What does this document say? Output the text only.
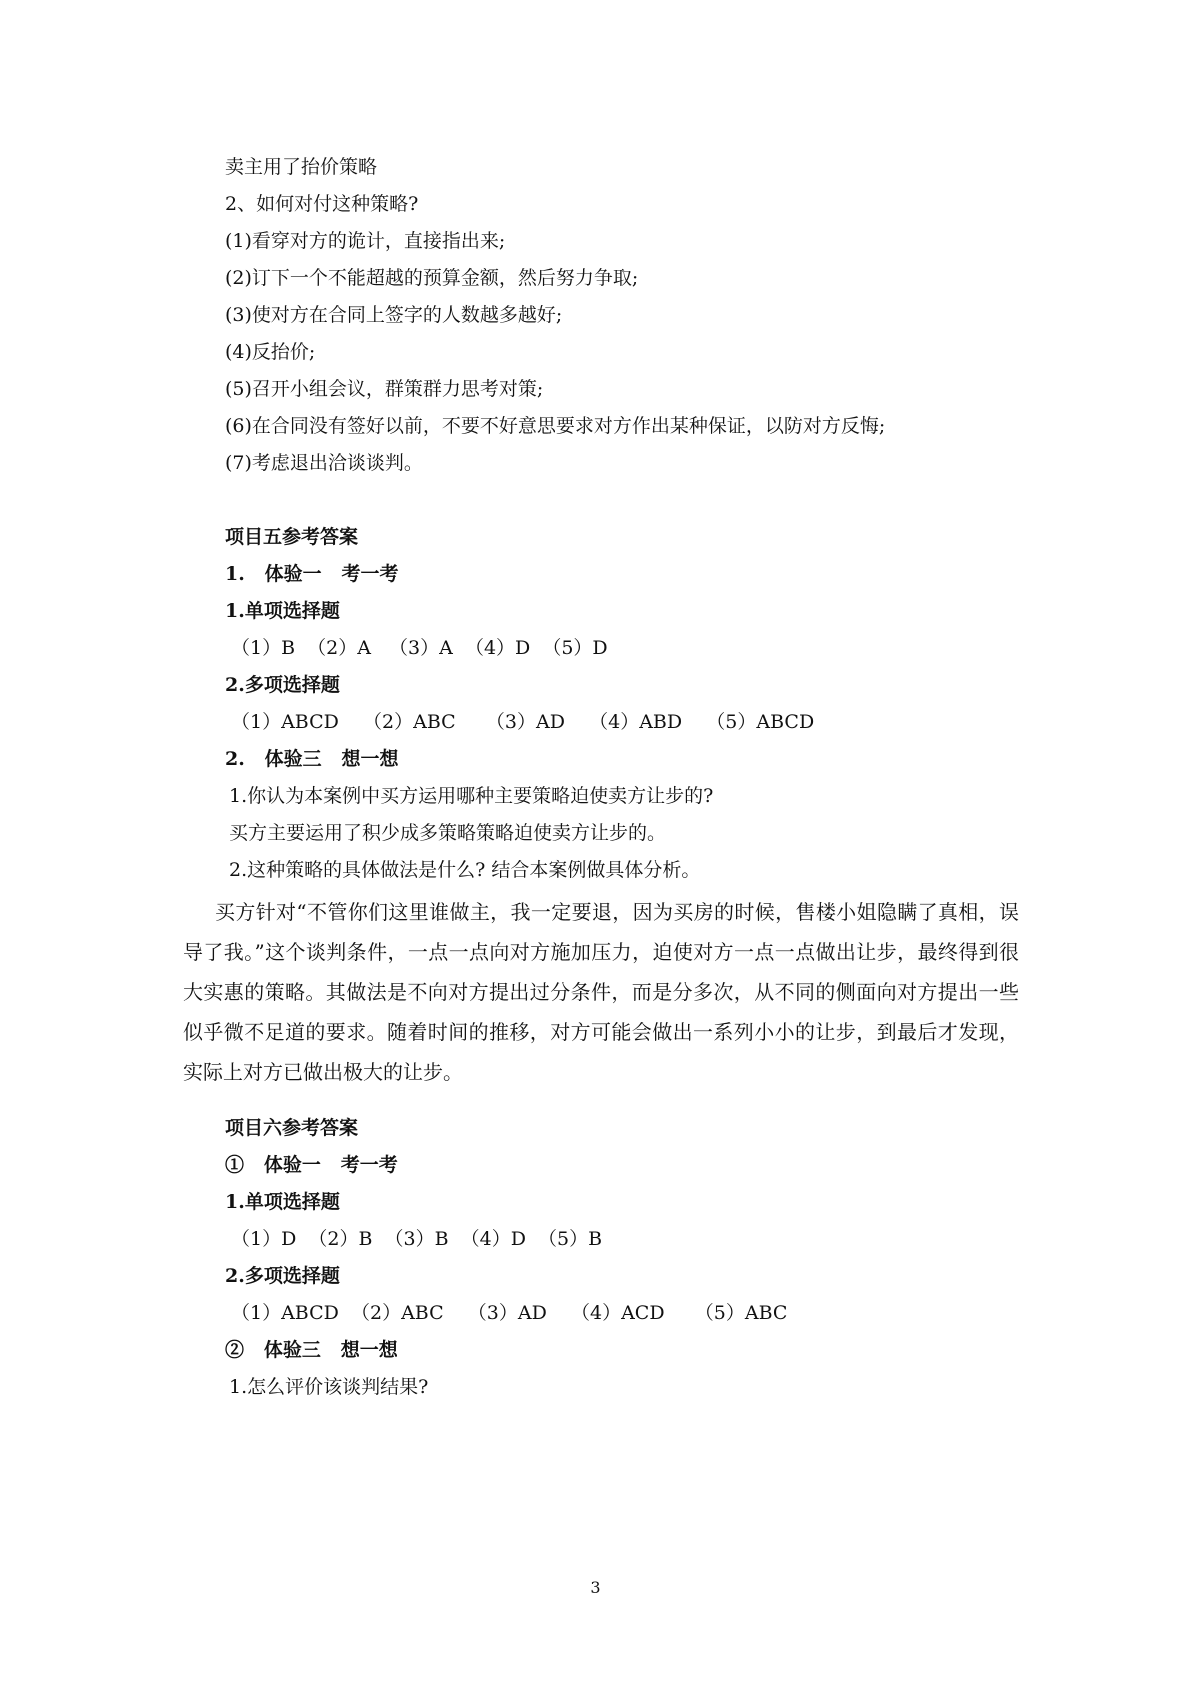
卖主用了抬价策略
2、如何对付这种策略?
(1)看穿对方的诡计，直接指出来;
(2)订下一个不能超越的预算金额，然后努力争取;
(3)使对方在合同上签字的人数越多越好;
(4)反抬价;
(5)召开小组会议，群策群力思考对策;
(6)在合同没有签好以前，不要不好意思要求对方作出某种保证，以防对方反悔;
(7)考虑退出洽谈谈判。
项目五参考答案
1.   体验一   考一考
1.单项选择题
（1）B  （2）A   （3）A  （4）D  （5）D
2.多项选择题
（1）ABCD    （2）ABC     （3）AD    （4）ABD    （5）ABCD
2.   体验三   想一想
1.你认为本案例中买方运用哪种主要策略迫使卖方让步的?
买方主要运用了积少成多策略策略迫使卖方让步的。
2.这种策略的具体做法是什么? 结合本案例做具体分析。
买方针对“不管你们这里谁做主，我一定要退，因为买房的时候，售楼小姐隐瞒了真相，误导了我。”这个谈判条件，一点一点向对方施加压力，迫使对方一点一点做出让步，最终得到很大实惠的策略。其做法是不向对方提出过分条件，而是分多次，从不同的侧面向对方提出一些似乎微不足道的要求。随着时间的推移，对方可能会做出一系列小小的让步，到最后才发现，实际上对方已做出极大的让步。
项目六参考答案
①   体验一   考一考
1.单项选择题
（1）D  （2）B  （3）B  （4）D  （5）B
2.多项选择题
（1）ABCD  （2）ABC    （3）AD    （4）ACD     （5）ABC
②   体验三   想一想
1.怎么评价该谈判结果?
3
